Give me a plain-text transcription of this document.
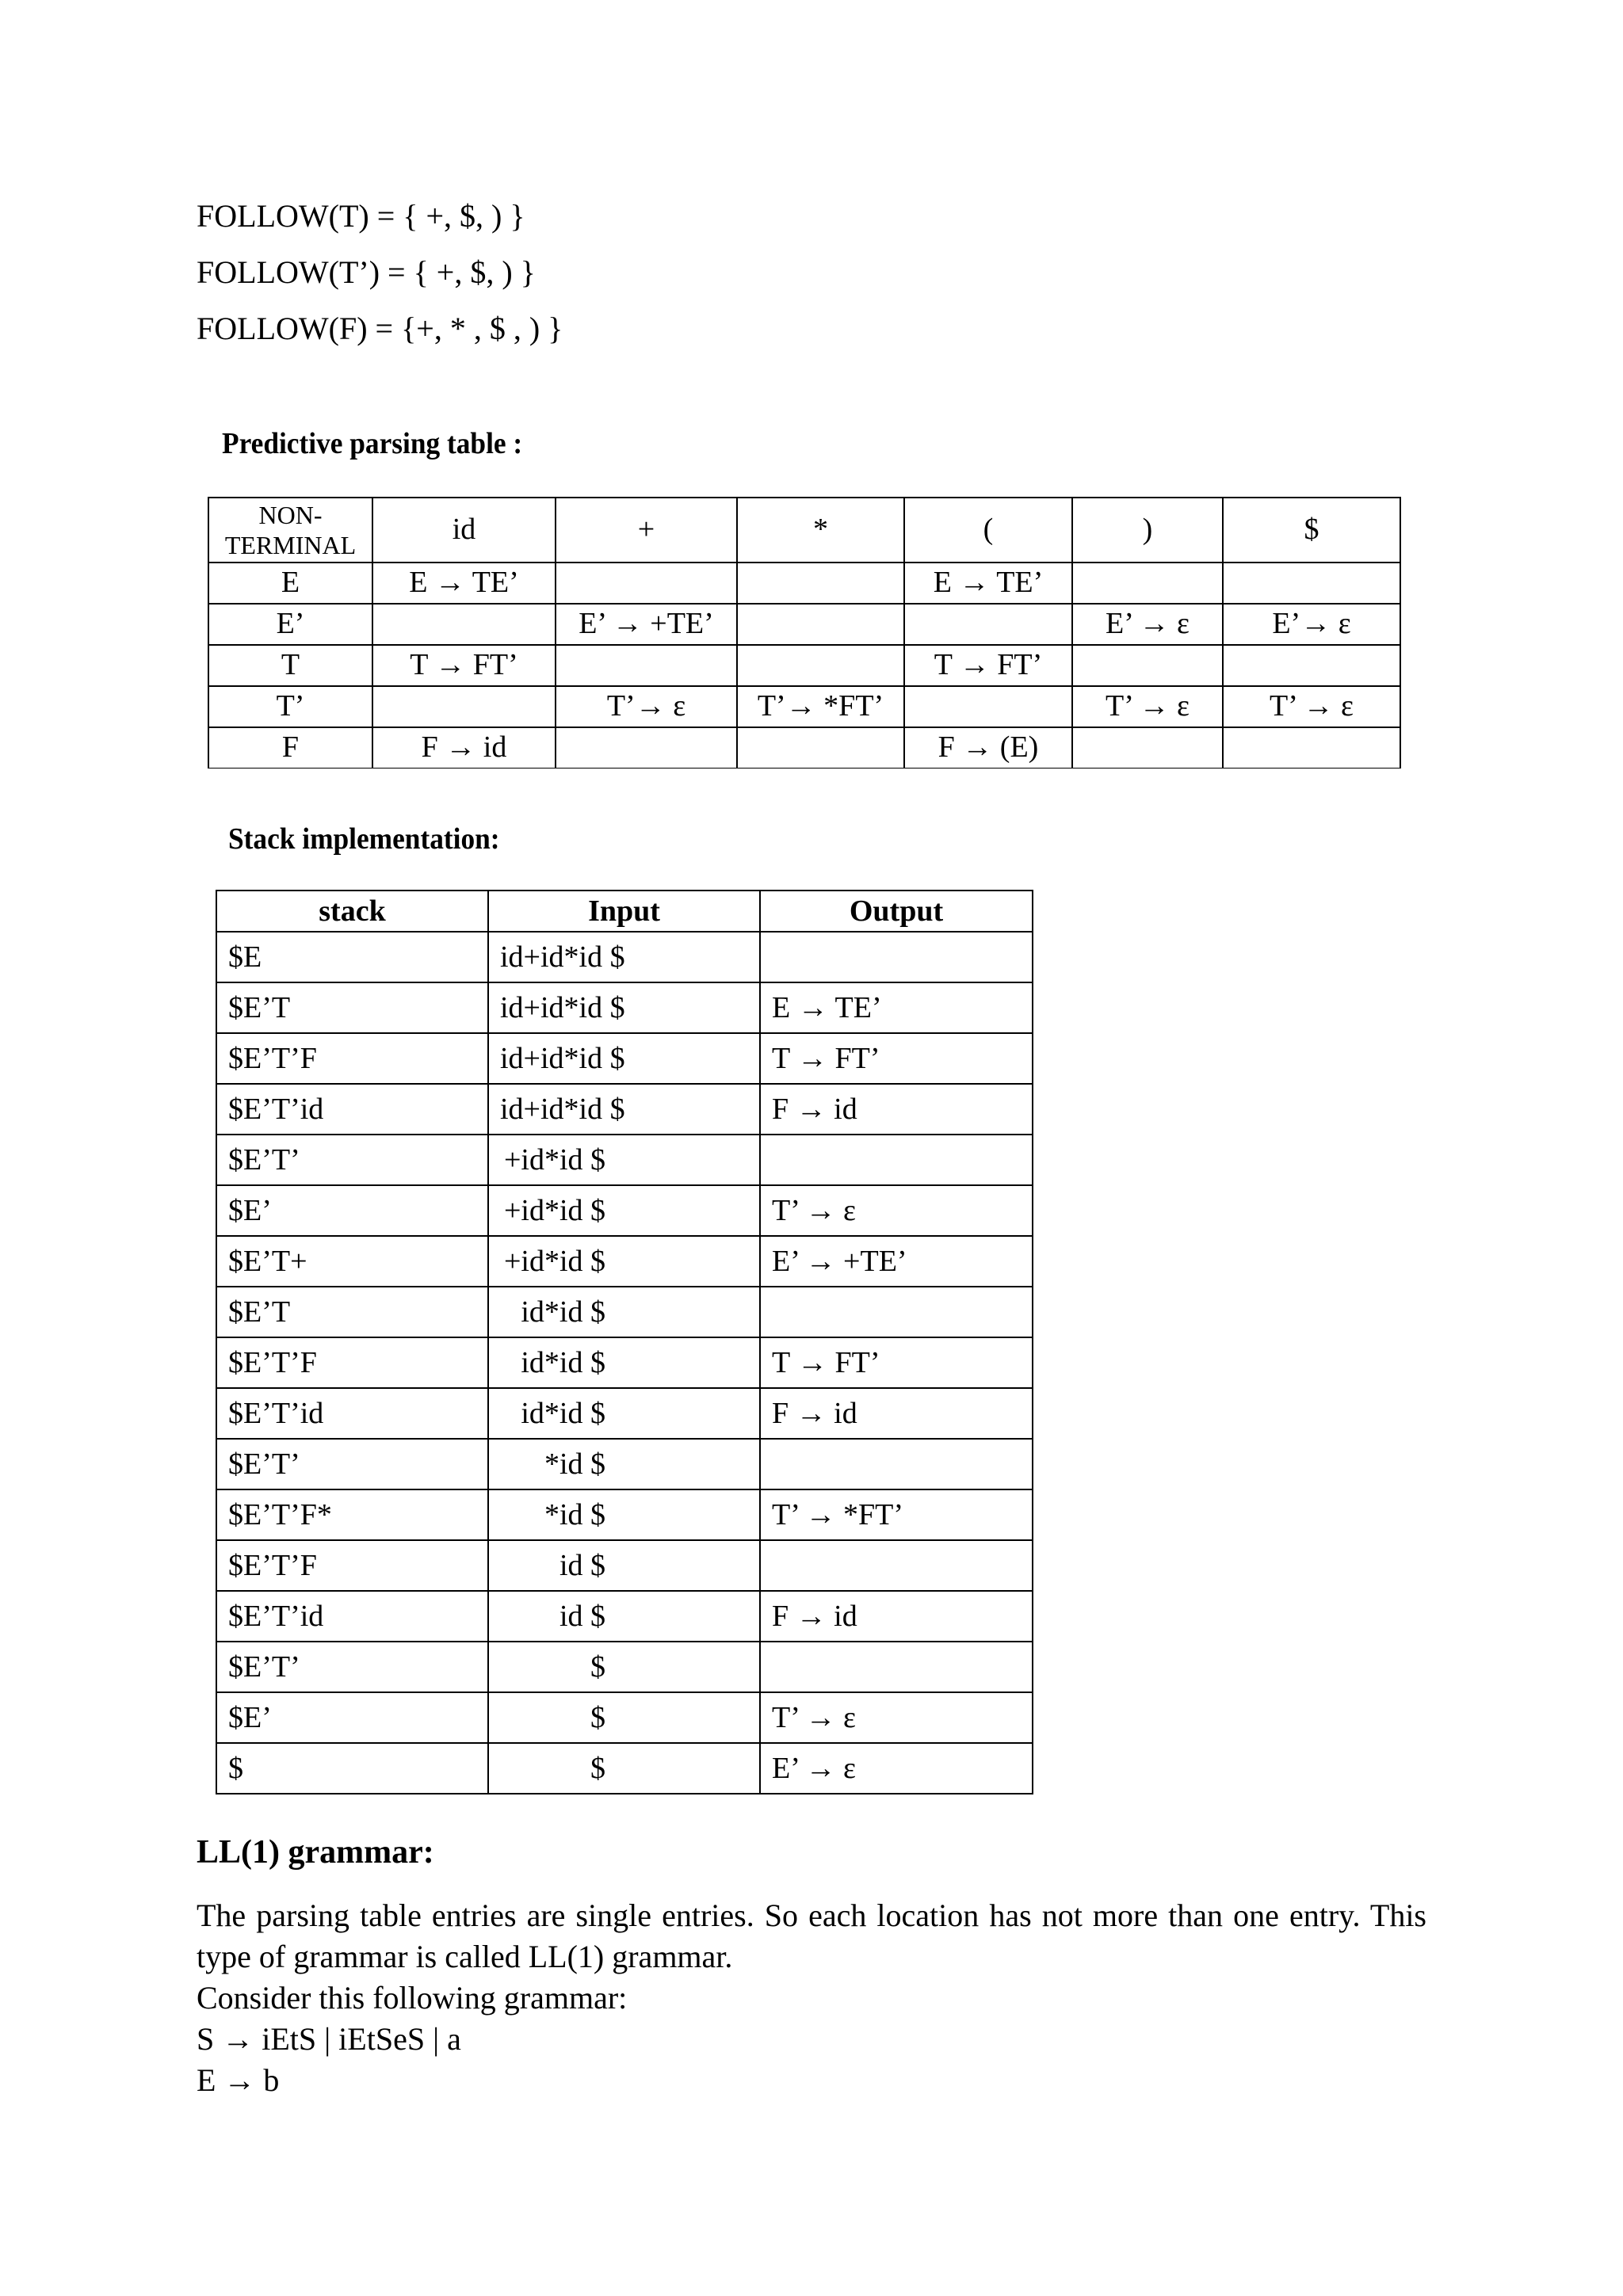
FOLLOW(T) = { +, $, ) }
FOLLOW(T’) = { +, $, ) }
FOLLOW(F) = {+, * , $ , ) }
Predictive parsing table :
NON-
TERMINAL	id	+	*	(	)	$
E	E → TE’			E → TE’		
E’		E’ → +TE’			E’ → ε	E’→ ε
T	T → FT’			T → FT’		
T’		T’→ ε	T’→ *FT’		T’ → ε	T’ → ε
F	F → id			F → (E)		
Stack implementation:
stack	Input	Output
$E	id+id*id $	
$E’T	id+id*id $	E → TE’
$E’T’F	id+id*id $	T → FT’
$E’T’id	id+id*id $	F → id
$E’T’	+id*id $	
$E’	+id*id $	T’ → ε
$E’T+	+id*id $	E’ → +TE’
$E’T	id*id $	
$E’T’F	id*id $	T → FT’
$E’T’id	id*id $	F → id
$E’T’	*id $	
$E’T’F*	*id $	T’ → *FT’
$E’T’F	id $	
$E’T’id	id $	F → id
$E’T’	$	
$E’	$	T’ → ε
$	$	E’ → ε
LL(1) grammar:
The parsing table entries are single entries. So each location has not more than one entry. This type of grammar is called LL(1) grammar.
Consider this following grammar:
S → iEtS | iEtSeS | a
E → b
